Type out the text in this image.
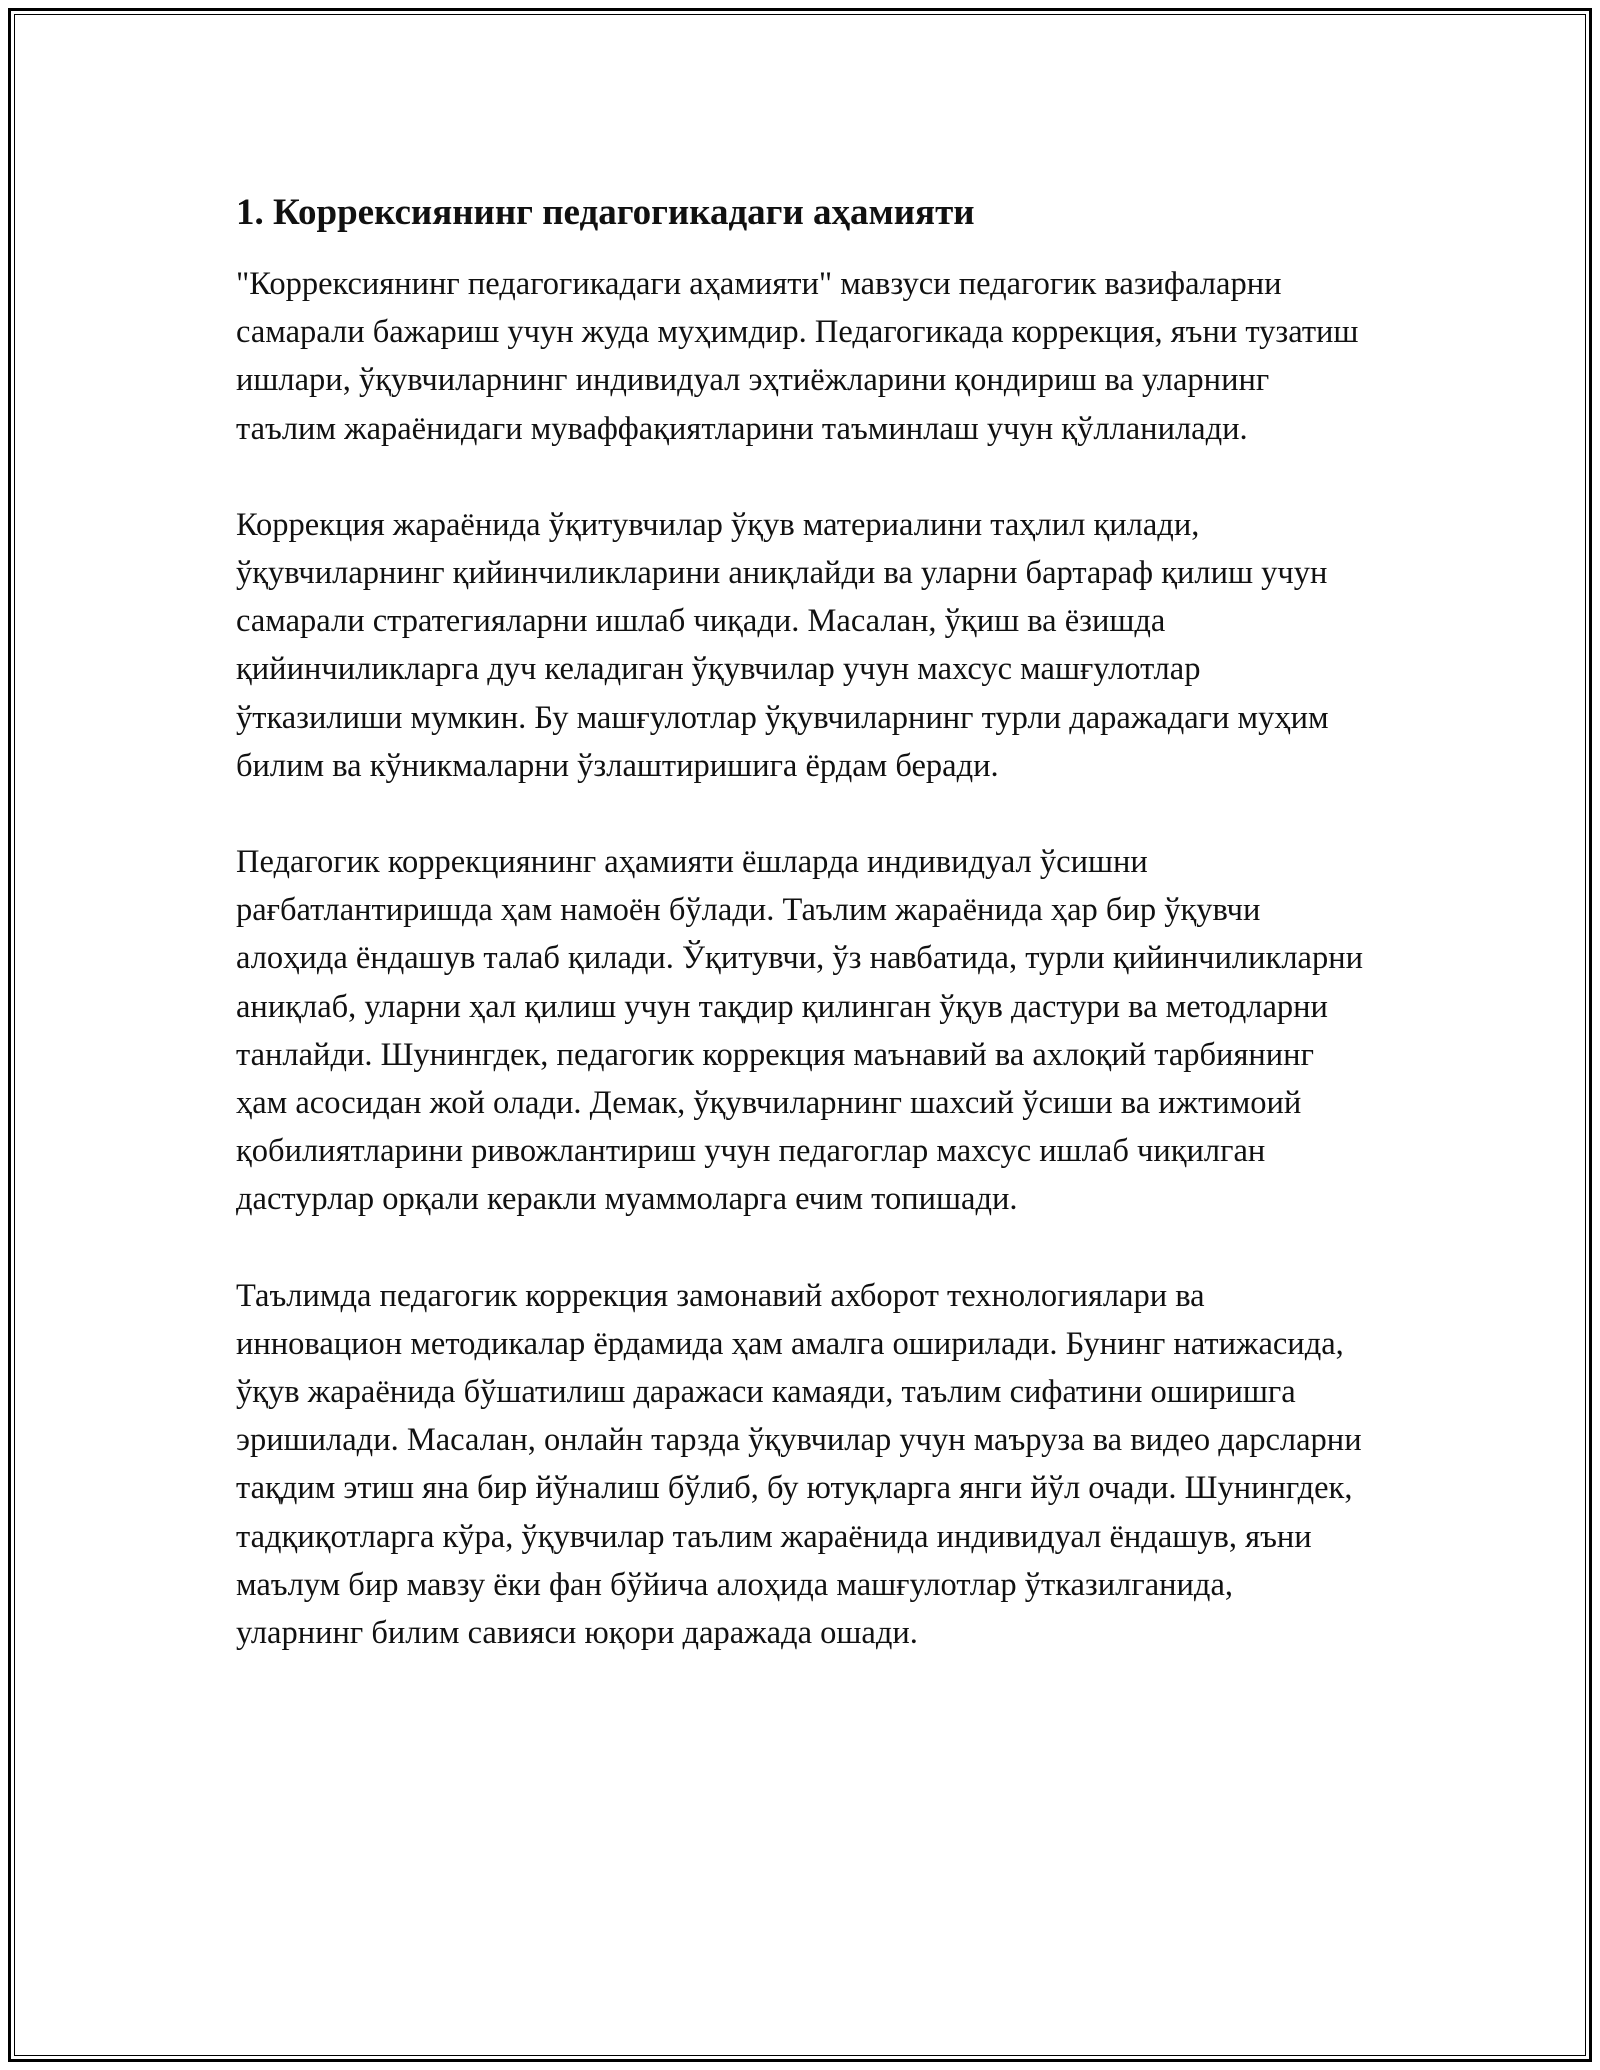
1. Коррексиянинг педагогикадаги аҳамияти

"Коррексиянинг педагогикадаги аҳамияти" мавзуси педагогик вазифаларни самарали бажариш учун жуда муҳимдир. Педагогикада коррекция, яъни тузатиш ишлари, ўқувчиларнинг индивидуал эҳтиёжларини қондириш ва уларнинг таълим жараёнидаги муваффақиятларини таъминлаш учун қўлланилади.

Коррекция жараёнида ўқитувчилар ўқув материалини таҳлил қилади, ўқувчиларнинг қийинчиликларини аниқлайди ва уларни бартараф қилиш учун самарали стратегияларни ишлаб чиқади. Масалан, ўқиш ва ёзишда қийинчиликларга дуч келадиган ўқувчилар учун махсус машғулотлар ўтказилиши мумкин. Бу машғулотлар ўқувчиларнинг турли даражадаги муҳим билим ва кўникмаларни ўзлаштиришига ёрдам беради.

Педагогик коррекциянинг аҳамияти ёшларда индивидуал ўсишни рағбатлантиришда ҳам намоён бўлади. Таълим жараёнида ҳар бир ўқувчи алоҳида ёндашув талаб қилади. Ўқитувчи, ўз навбатида, турли қийинчиликларни аниқлаб, уларни ҳал қилиш учун тақдир қилинган ўқув дастури ва методларни танлайди. Шунингдек, педагогик коррекция маънавий ва ахлоқий тарбиянинг ҳам асосидан жой олади. Демак, ўқувчиларнинг шахсий ўсиши ва ижтимоий қобилиятларини ривожлантириш учун педагоглар махсус ишлаб чиқилган дастурлар орқали керакли муаммоларга ечим топишади.

Таълимда педагогик коррекция замонавий ахборот технологиялари ва инновацион методикалар ёрдамида ҳам амалга оширилади. Бунинг натижасида, ўқув жараёнида бўшатилиш даражаси камаяди, таълим сифатини оширишга эришилади. Масалан, онлайн тарзда ўқувчилар учун маърузa ва видео дарсларни тақдим этиш яна бир йўналиш бўлиб, бу ютуқларга янги йўл очади. Шунингдек, тадқиқотларга кўра, ўқувчилар таълим жараёнида индивидуал ёндашув, яъни маълум бир мавзу ёки фан бўйича алоҳида машғулотлар ўтказилганида, уларнинг билим савияси юқори даражада ошади.
